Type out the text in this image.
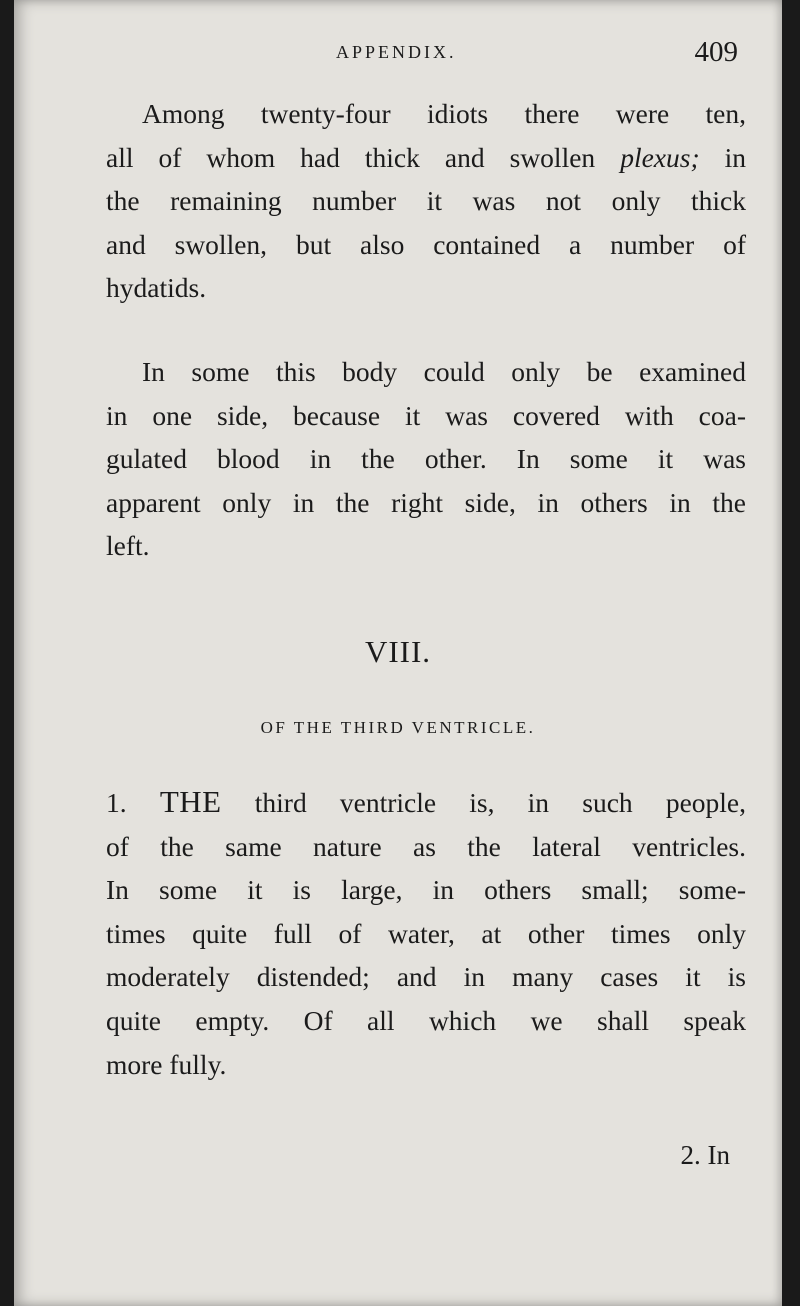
APPENDIX.	409

Among twenty-four idiots there were ten,
all of whom had thick and swollen plexus; in
the remaining number it was not only thick
and swollen, but also contained a number of
hydatids.

In some this body could only be examined
in one side, because it was covered with coa-
gulated blood in the other. In some it was
apparent only in the right side, in others in the
left.

VIII.
OF THE THIRD VENTRICLE.

1. THE third ventricle is, in such people,
of the same nature as the lateral ventricles.
In some it is large, in others small; some-
times quite full of water, at other times only
moderately distended; and in many cases it is
quite empty. Of all which we shall speak
more fully.

2. In
